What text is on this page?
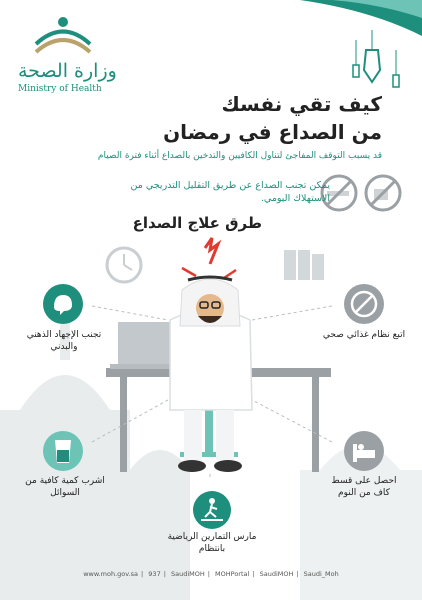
وزارة الصحة
Ministry of Health
كيف تقي نفسك
من الصداع في رمضان
قد يسبب التوقف المفاجئ لتناول الكافيين والتدخين بالصداع أثناء فترة الصيام
يمكن تجنب الصداع عن طريق التقليل التدريجي من الاستهلاك اليومي.
طرق علاج الصداع
تجنب الإجهاد الذهني والبدني
اتبع نظام غذائي صحي
اشرب كمية كافية من السوائل
احصل على قسط كاف من النوم
مارس التمارين الرياضية بانتظام
www.moh.gov.sa | 937 | SaudiMOH | MOHPortal | SaudiMOH | Saudi_Moh
